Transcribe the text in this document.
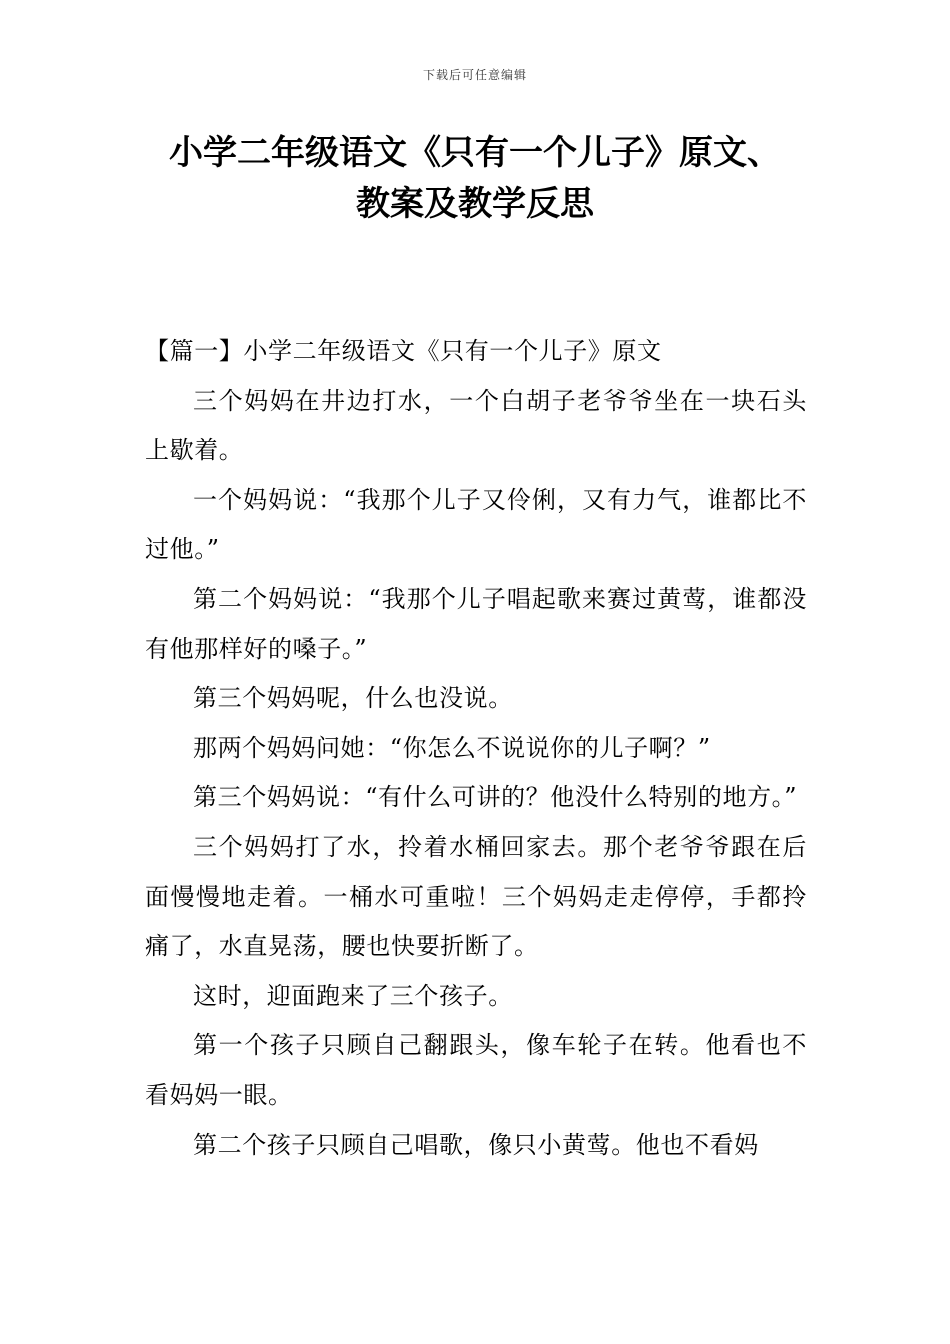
下载后可任意编辑
小学二年级语文《只有一个儿子》原文、
教案及教学反思

【篇一】小学二年级语文《只有一个儿子》原文

三个妈妈在井边打水，一个白胡子老爷爷坐在一块石头上歇着。

一个妈妈说：“我那个儿子又伶俐，又有力气，谁都比不过他。”

第二个妈妈说：“我那个儿子唱起歌来赛过黄莺，谁都没有他那样好的嗓子。”

第三个妈妈呢，什么也没说。

那两个妈妈问她：“你怎么不说说你的儿子啊？”

第三个妈妈说：“有什么可讲的？他没什么特别的地方。”

三个妈妈打了水，拎着水桶回家去。那个老爷爷跟在后面慢慢地走着。一桶水可重啦！三个妈妈走走停停，手都拎痛了，水直晃荡，腰也快要折断了。

这时，迎面跑来了三个孩子。

第一个孩子只顾自己翻跟头，像车轮子在转。他看也不看妈妈一眼。

第二个孩子只顾自己唱歌，像只小黄莺。他也不看妈
